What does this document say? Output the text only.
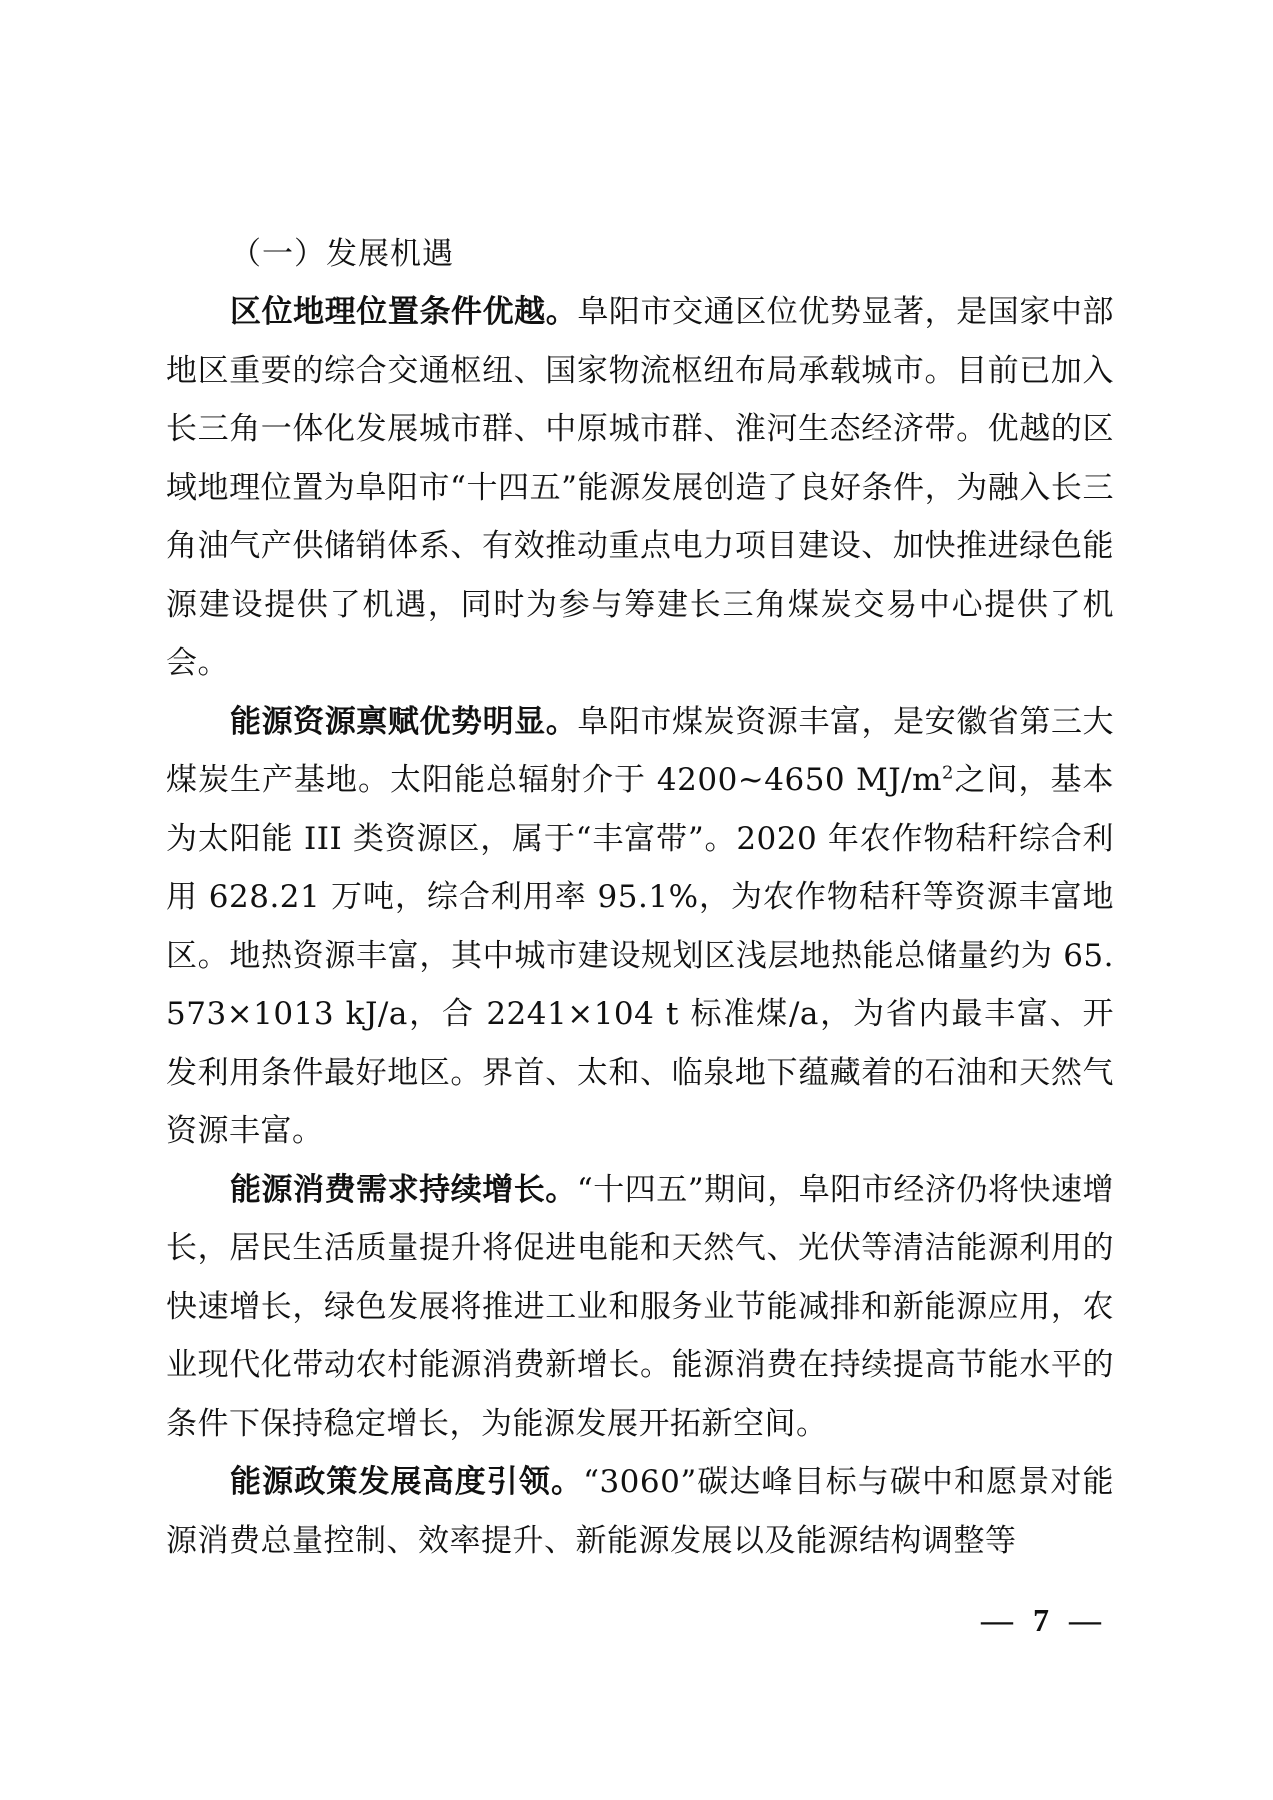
（一）发展机遇

区位地理位置条件优越。阜阳市交通区位优势显著，是国家中部地区重要的综合交通枢纽、国家物流枢纽布局承载城市。目前已加入长三角一体化发展城市群、中原城市群、淮河生态经济带。优越的区域地理位置为阜阳市“十四五”能源发展创造了良好条件，为融入长三角油气产供储销体系、有效推动重点电力项目建设、加快推进绿色能源建设提供了机遇，同时为参与筹建长三角煤炭交易中心提供了机会。

能源资源禀赋优势明显。阜阳市煤炭资源丰富，是安徽省第三大煤炭生产基地。太阳能总辐射介于 4200~4650 $MJ/m^2$之间，基本为太阳能 III 类资源区，属于“丰富带”。2020 年农作物秸秆综合利用 628.21 万吨，综合利用率 95.1%，为农作物秸秆等资源丰富地区。地热资源丰富，其中城市建设规划区浅层地热能总储量约为 65.573×1013 kJ/a，合 2241×104 t 标准煤/a，为省内最丰富、开发利用条件最好地区。界首、太和、临泉地下蕴藏着的石油和天然气资源丰富。

能源消费需求持续增长。“十四五”期间，阜阳市经济仍将快速增长，居民生活质量提升将促进电能和天然气、光伏等清洁能源利用的快速增长，绿色发展将推进工业和服务业节能减排和新能源应用，农业现代化带动农村能源消费新增长。能源消费在持续提高节能水平的条件下保持稳定增长，为能源发展开拓新空间。

能源政策发展高度引领。“3060”碳达峰目标与碳中和愿景对能源消费总量控制、效率提升、新能源发展以及能源结构调整等

— 7 —
